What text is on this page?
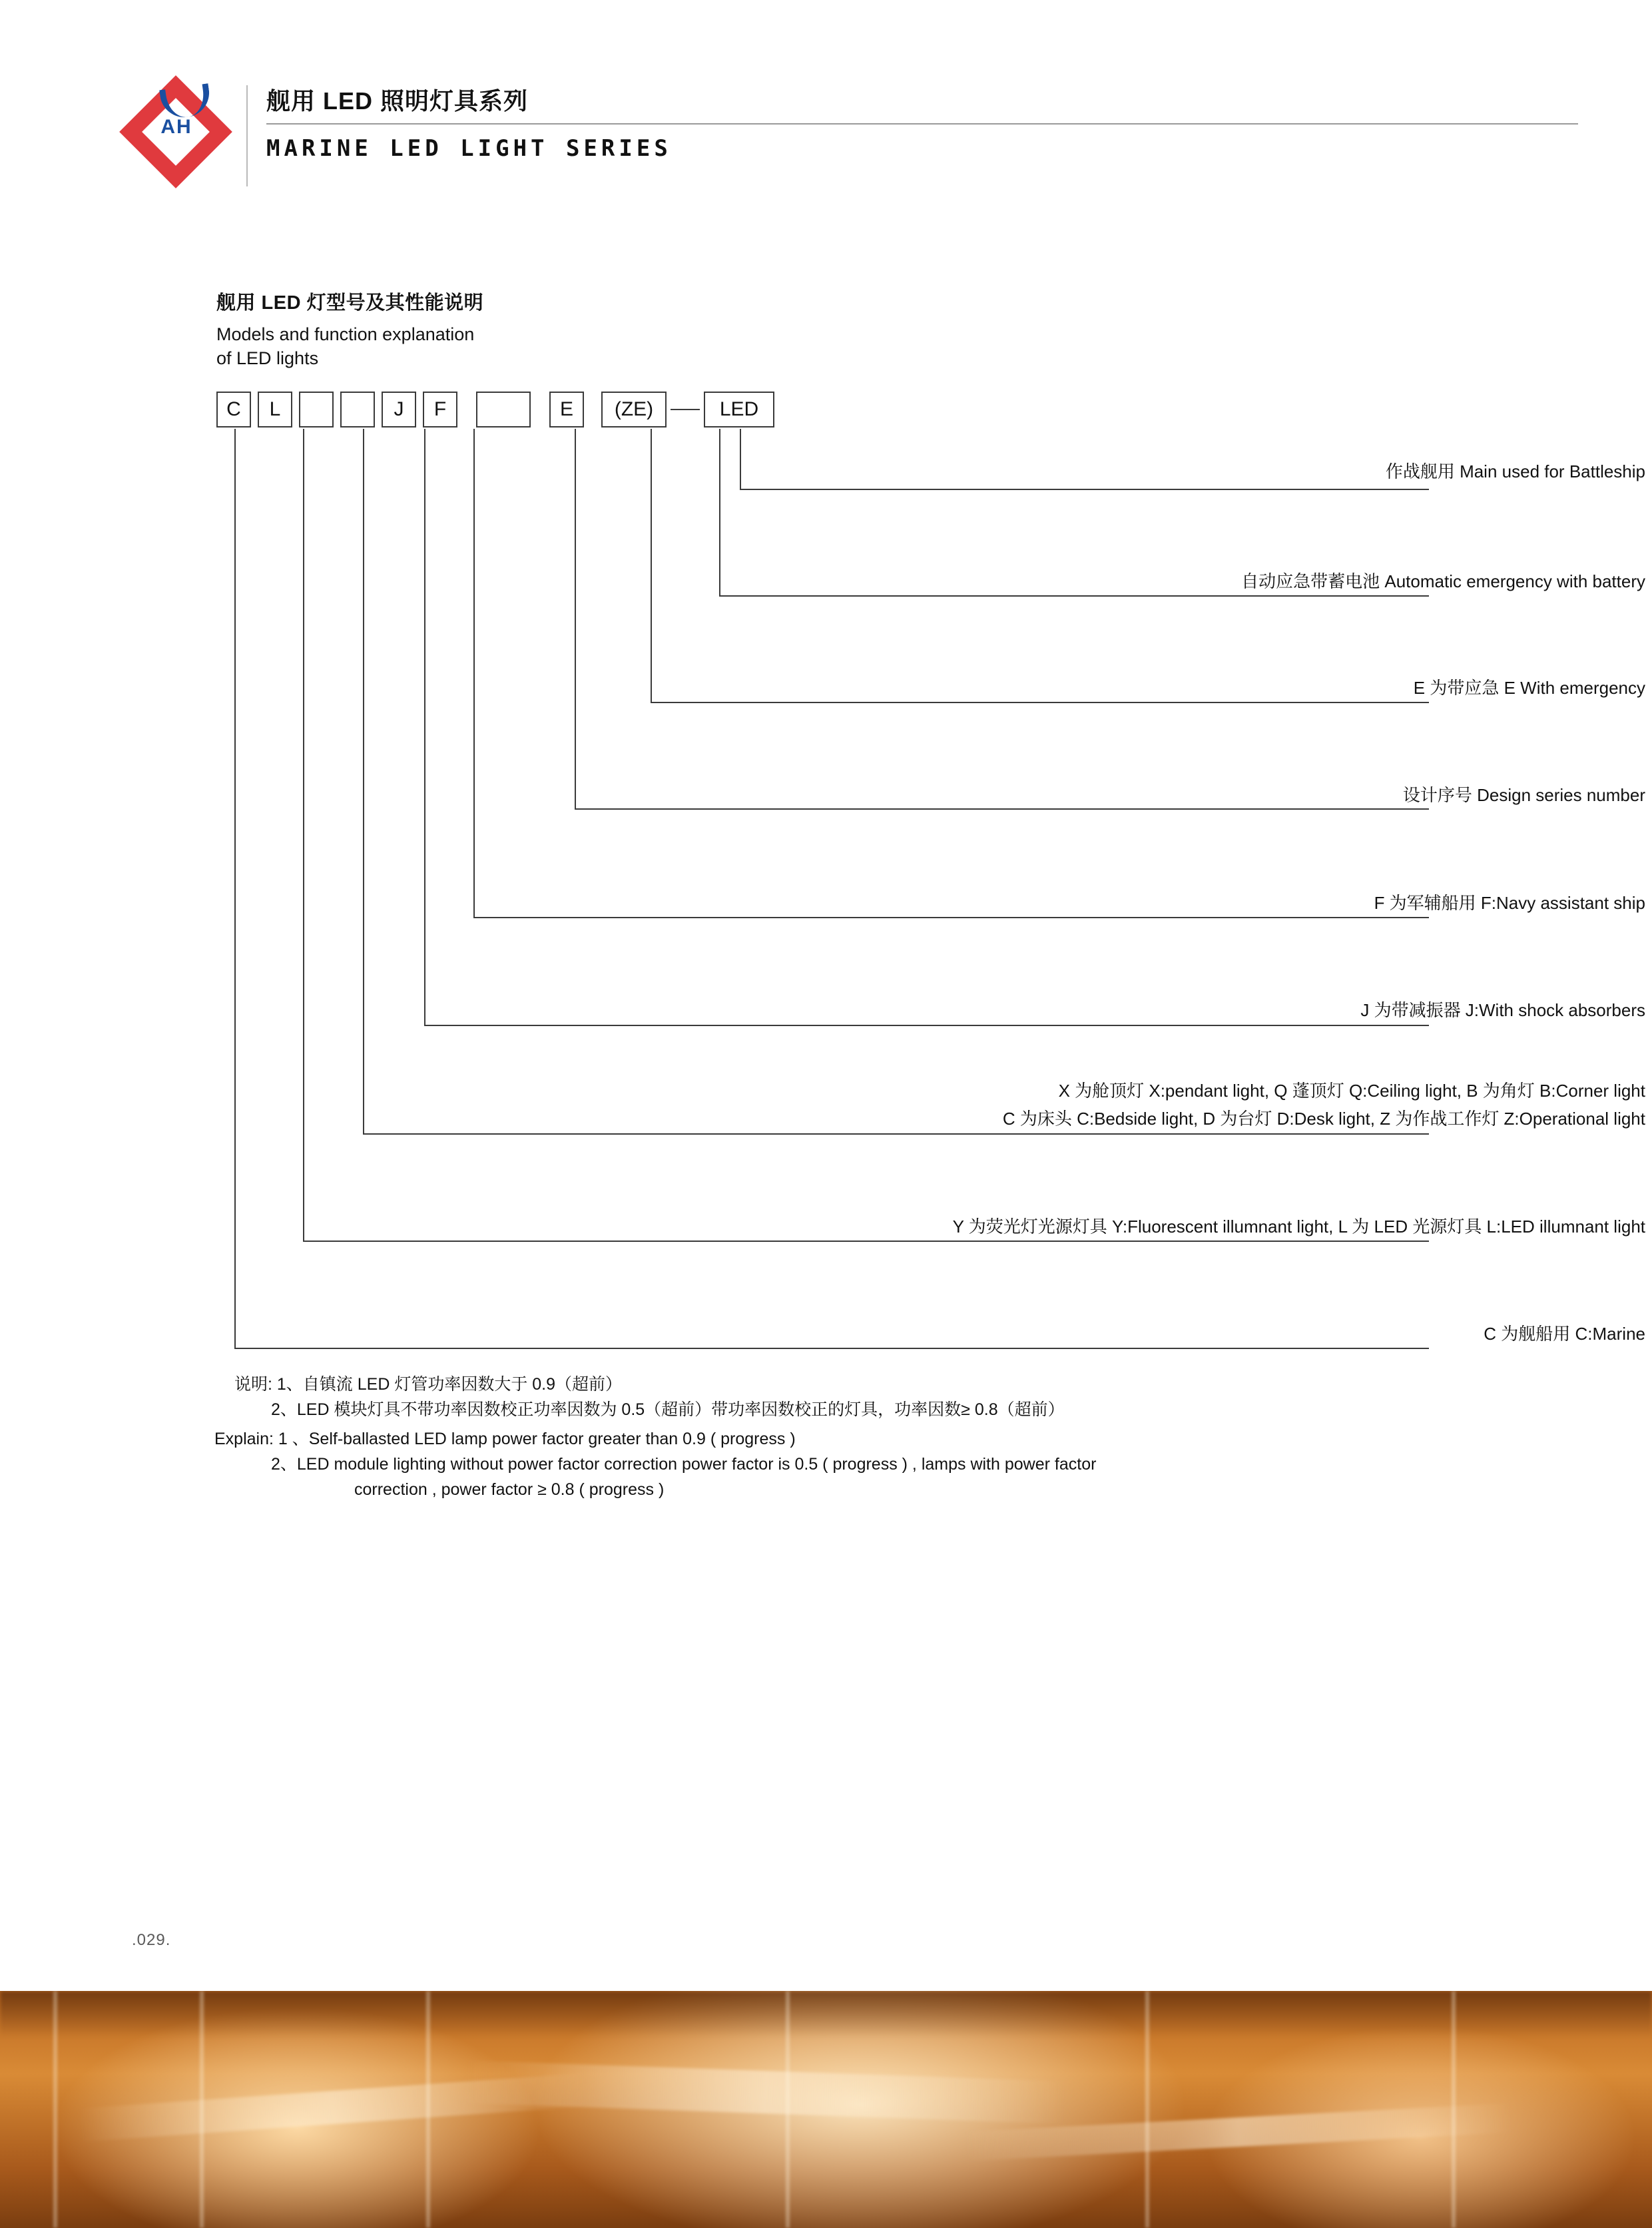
AH
舰用 LED 照明灯具系列
MARINE LED LIGHT SERIES
舰用 LED 灯型号及其性能说明
Models and function explanation
of LED lights
C	L	J	F	E	(ZE)	LED
作战舰用 Main used for Battleship
自动应急带蓄电池 Automatic emergency with battery
E 为带应急 E With emergency
设计序号 Design series number
F 为军辅船用 F:Navy assistant ship
J 为带减振器 J:With shock absorbers
X 为舱顶灯 X:pendant light, Q 蓬顶灯 Q:Ceiling light, B 为角灯 B:Corner light
C 为床头 C:Bedside light, D 为台灯 D:Desk light, Z 为作战工作灯 Z:Operational light
Y 为荧光灯光源灯具 Y:Fluorescent illumnant light, L 为 LED 光源灯具 L:LED illumnant light
C 为舰船用 C:Marine
说明: 1、自镇流 LED 灯管功率因数大于 0.9（超前）
2、LED 模块灯具不带功率因数校正功率因数为 0.5（超前）带功率因数校正的灯具，功率因数≥ 0.8（超前）
Explain: 1 、Self-ballasted LED lamp power factor greater than 0.9 ( progress )
2、LED module lighting without power factor correction power factor is 0.5 ( progress ) , lamps with power factor
correction , power factor ≥ 0.8 ( progress )
.029.
